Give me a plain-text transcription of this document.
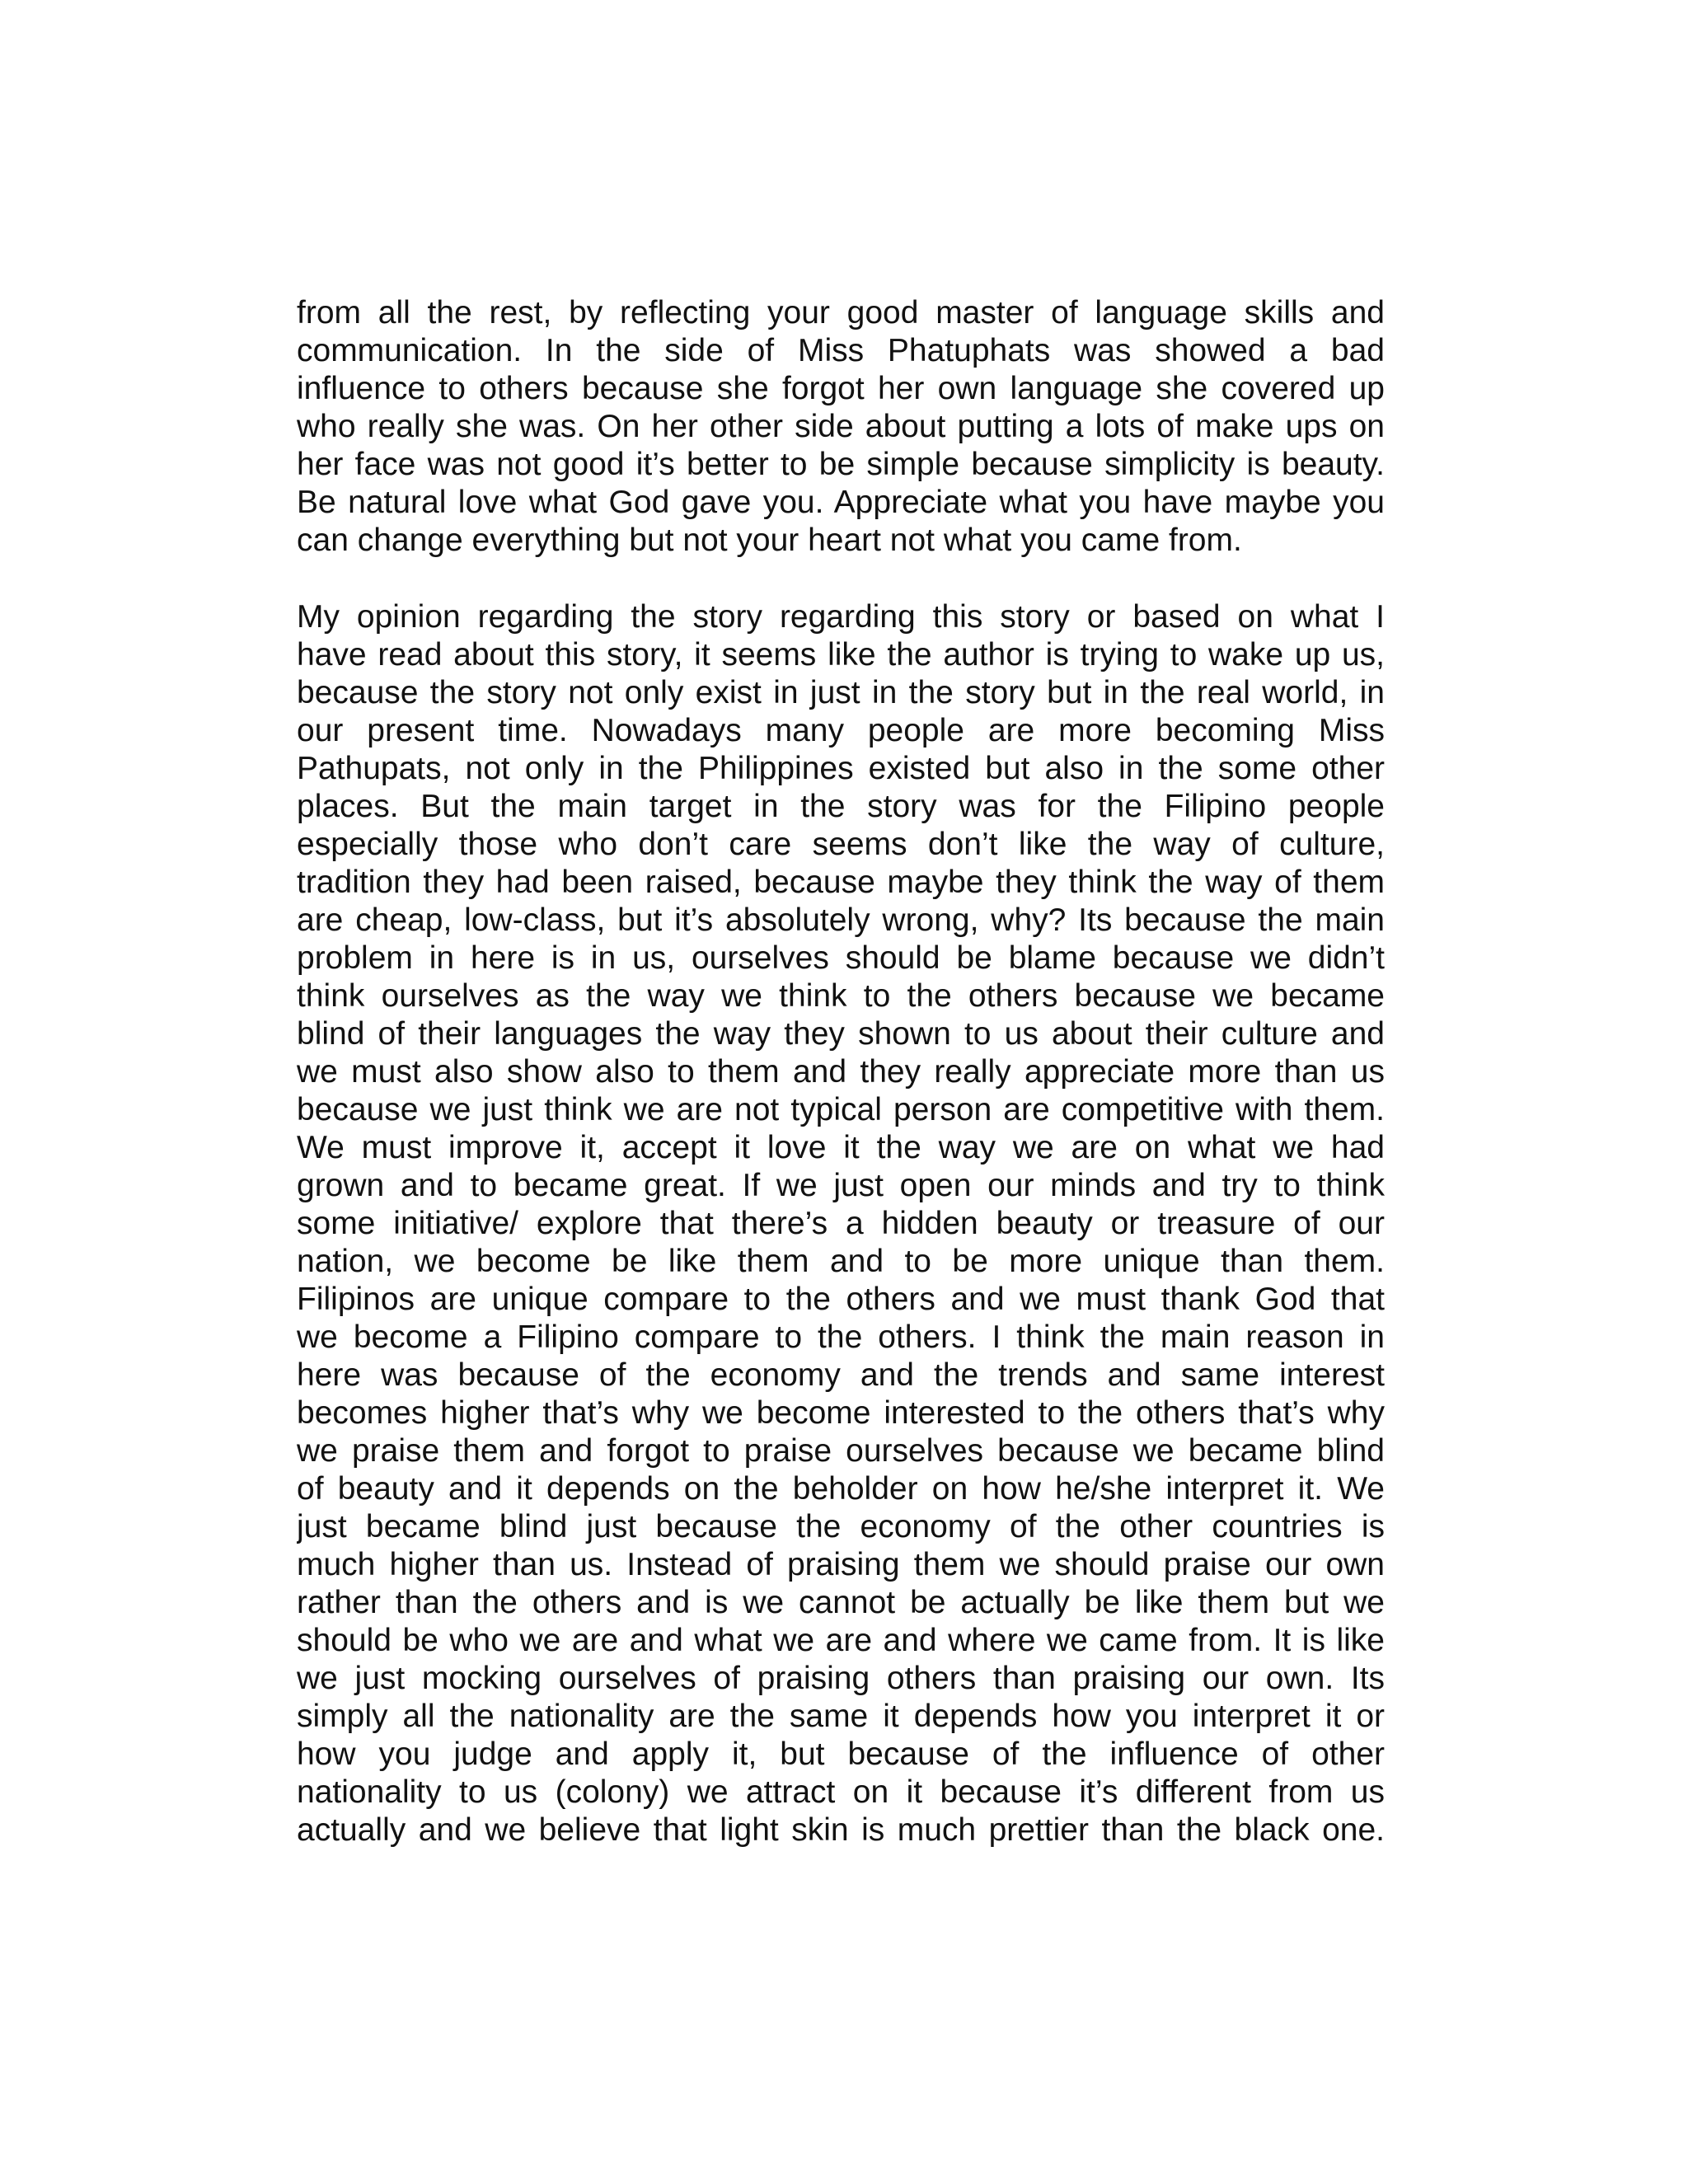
from all the rest, by reflecting your good master of language skills and
communication. In the side of Miss Phatuphats was showed a bad
influence to others because she forgot her own language she covered up
who really she was. On her other side about putting a lots of make ups on
her face was not good it’s better to be simple because simplicity is beauty.
Be natural love what God gave you. Appreciate what you have maybe you
can change everything but not your heart not what you came from.
My opinion regarding the story regarding this story or based on what I
have read about this story, it seems like the author is trying to wake up us,
because the story not only exist in just in the story but in the real world, in
our present time. Nowadays many people are more becoming Miss
Pathupats, not only in the Philippines existed but also in the some other
places. But the main target in the story was for the Filipino people
especially those who don’t care seems don’t like the way of culture,
tradition they had been raised, because maybe they think the way of them
are cheap, low-class, but it’s absolutely wrong, why? Its because the main
problem in here is in us, ourselves should be blame because we didn’t
think ourselves as the way we think to the others because we became
blind of their languages the way they shown to us about their culture and
we must also show also to them and they really appreciate more than us
because we just think we are not typical person are competitive with them.
We must improve it, accept it love it the way we are on what we had
grown and to became great. If we just open our minds and try to think
some initiative/ explore that there’s a hidden beauty or treasure of our
nation, we become be like them and to be more unique than them.
Filipinos are unique compare to the others and we must thank God that
we become a Filipino compare to the others. I think the main reason in
here was because of the economy and the trends and same interest
becomes higher that’s why we become interested to the others that’s why
we praise them and forgot to praise ourselves because we became blind
of beauty and it depends on the beholder on how he/she interpret it. We
just became blind just because the economy of the other countries is
much higher than us. Instead of praising them we should praise our own
rather than the others and is we cannot be actually be like them but we
should be who we are and what we are and where we came from. It is like
we just mocking ourselves of praising others than praising our own. Its
simply all the nationality are the same it depends how you interpret it or
how you judge and apply it, but because of the influence of other
nationality to us (colony) we attract on it because it’s different from us
actually and we believe that light skin is much prettier than the black one.
